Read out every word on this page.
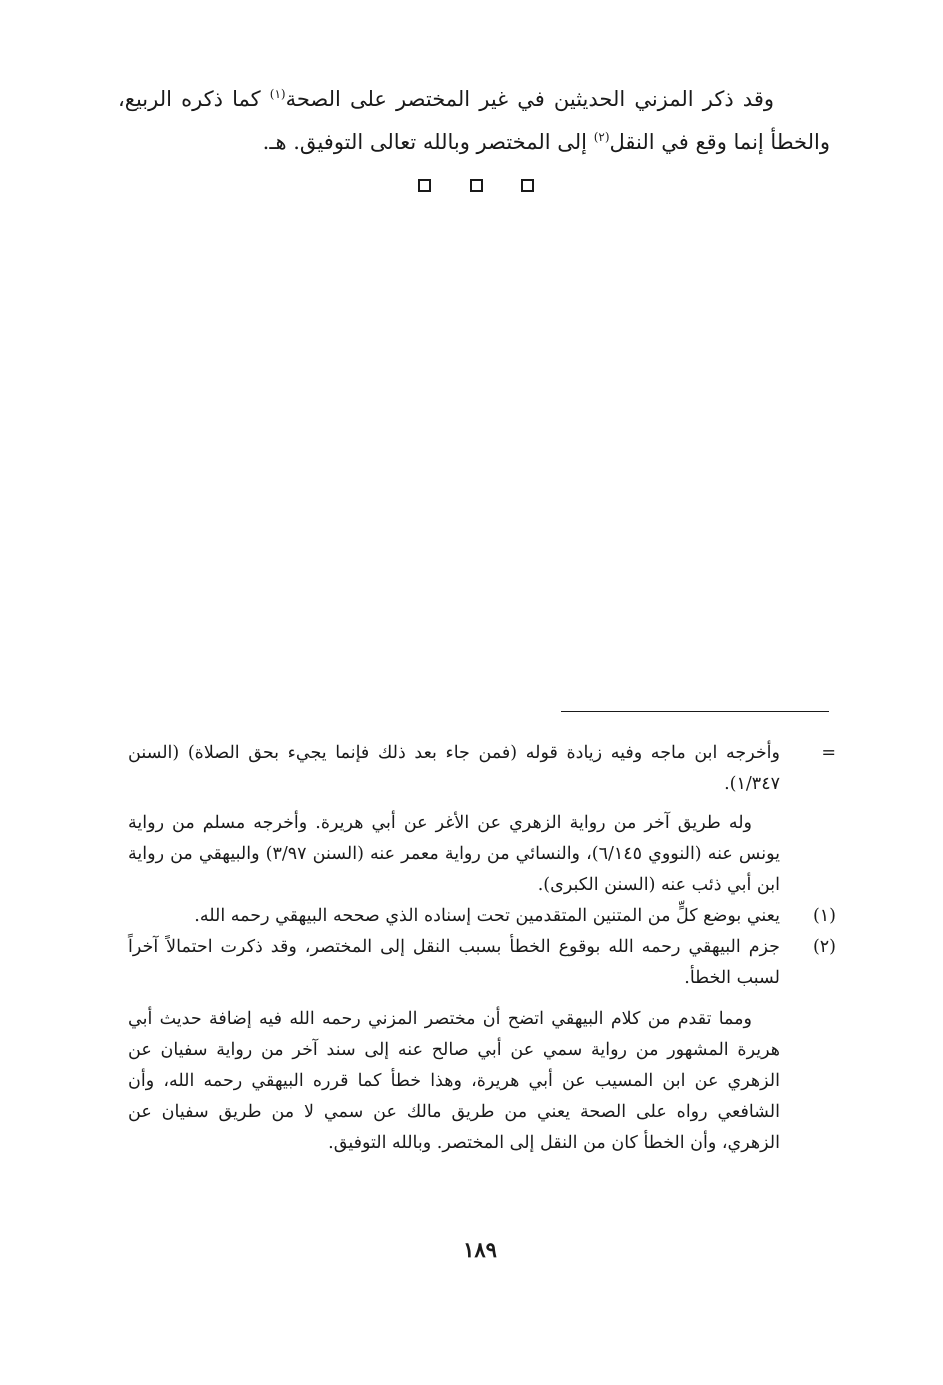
وقد ذكر المزني الحديثين في غير المختصر على الصحة$^{(١)}$ كما ذكره الربيع، والخطأ إنما وقع في النقل$^{(٢)}$ إلى المختصر وبالله تعالى التوفيق. هـ.

=
وأخرجه ابن ماجه وفيه زيادة قوله (فمن جاء بعد ذلك فإنما يجيء بحق الصلاة) (السنن ١/٣٤٧).

وله طريق آخر من رواية الزهري عن الأغر عن أبي هريرة. وأخرجه مسلم من رواية يونس عنه (النووي ٦/١٤٥)، والنسائي من رواية معمر عنه (السنن ٣/٩٧) والبيهقي من رواية ابن أبي ذئب عنه (السنن الكبرى).

(١)
يعني بوضع كلٍّ من المتنين المتقدمين تحت إسناده الذي صححه البيهقي رحمه الله.
(٢)
جزم البيهقي رحمه الله بوقوع الخطأ بسبب النقل إلى المختصر، وقد ذكرت احتمالاً آخراً لسبب الخطأ.

ومما تقدم من كلام البيهقي اتضح أن مختصر المزني رحمه الله فيه إضافة حديث أبي هريرة المشهور من رواية سمي عن أبي صالح عنه إلى سند آخر من رواية سفيان عن الزهري عن ابن المسيب عن أبي هريرة، وهذا خطأ كما قرره البيهقي رحمه الله، وأن الشافعي رواه على الصحة يعني من طريق مالك عن سمي لا من طريق سفيان عن الزهري، وأن الخطأ كان من النقل إلى المختصر. وبالله التوفيق.

١٨٩
